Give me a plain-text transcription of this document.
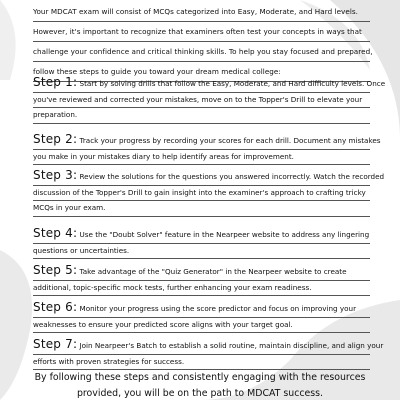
Your MDCAT exam will consist of MCQs categorized into Easy, Moderate, and Hard levels.
However, it's important to recognize that examiners often test your concepts in ways that
challenge your confidence and critical thinking skills. To help you stay focused and prepared,
follow these steps to guide you toward your dream medical college:
Step 1: Start by solving drills that follow the Easy, Moderate, and Hard difficulty levels. Once
you've reviewed and corrected your mistakes, move on to the Topper's Drill to elevate your
preparation.
Step 2: Track your progress by recording your scores for each drill. Document any mistakes
you make in your mistakes diary to help identify areas for improvement.
Step 3: Review the solutions for the questions you answered incorrectly. Watch the recorded
discussion of the Topper's Drill to gain insight into the examiner's approach to crafting tricky
MCQs in your exam.
Step 4: Use the "Doubt Solver" feature in the Nearpeer website to address any lingering
questions or uncertainties.
Step 5: Take advantage of the "Quiz Generator" in the Nearpeer website to create
additional, topic-specific mock tests, further enhancing your exam readiness.
Step 6: Monitor your progress using the score predictor and focus on improving your
weaknesses to ensure your predicted score aligns with your target goal.
Step 7: Join Nearpeer's Batch to establish a solid routine, maintain discipline, and align your
efforts with proven strategies for success.
By following these steps and consistently engaging with the resources
provided, you will be on the path to MDCAT success.
